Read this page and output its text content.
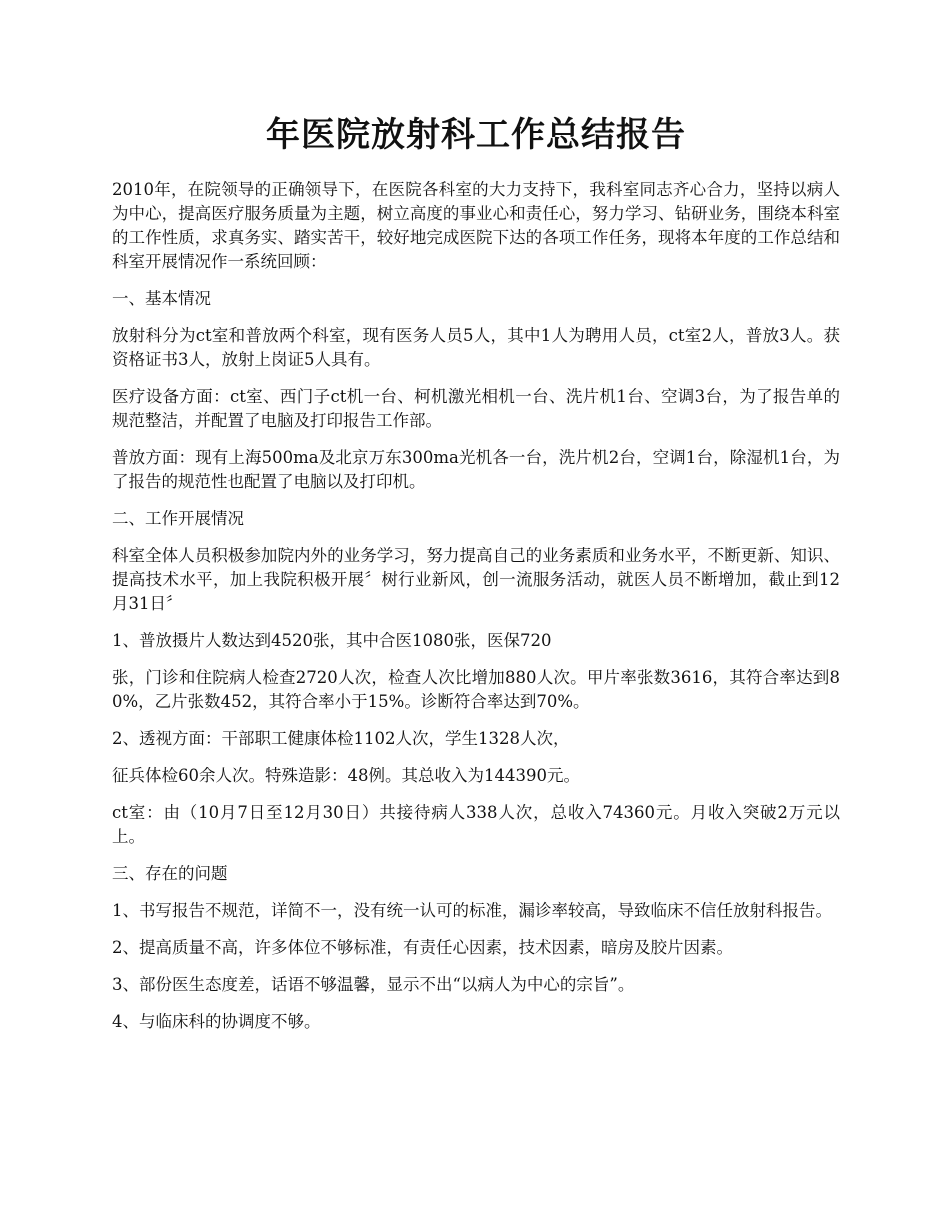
年医院放射科工作总结报告

2010年，在院领导的正确领导下，在医院各科室的大力支持下，我科室同志齐心合力，坚持以病人为中心，提高医疗服务质量为主题，树立高度的事业心和责任心，努力学习、钻研业务，围绕本科室的工作性质，求真务实、踏实苦干，较好地完成医院下达的各项工作任务，现将本年度的工作总结和科室开展情况作一系统回顾：

一、基本情况

放射科分为ct室和普放两个科室，现有医务人员5人，其中1人为聘用人员，ct室2人，普放3人。获资格证书3人，放射上岗证5人具有。

医疗设备方面：ct室、西门子ct机一台、柯机激光相机一台、洗片机1台、空调3台，为了报告单的规范整洁，并配置了电脑及打印报告工作部。

普放方面：现有上海500ma及北京万东300ma光机各一台，洗片机2台，空调1台，除湿机1台，为了报告的规范性也配置了电脑以及打印机。

二、工作开展情况

科室全体人员积极参加院内外的业务学习，努力提高自己的业务素质和业务水平，不断更新、知识、提高技术水平，加上我院积极开展〞树行业新风，创一流服务活动，就医人员不断增加，截止到12月31日〞

1、普放摄片人数达到4520张，其中合医1080张，医保720

张，门诊和住院病人检查2720人次，检查人次比增加880人次。甲片率张数3616，其符合率达到80%，乙片张数452，其符合率小于15%。诊断符合率达到70%。

2、透视方面：干部职工健康体检1102人次，学生1328人次，

征兵体检60余人次。特殊造影：48例。其总收入为144390元。

ct室：由（10月7日至12月30日）共接待病人338人次，总收入74360元。月收入突破2万元以上。

三、存在的问题

1、书写报告不规范，详简不一，没有统一认可的标准，漏诊率较高，导致临床不信任放射科报告。

2、提高质量不高，许多体位不够标准，有责任心因素，技术因素，暗房及胶片因素。

3、部份医生态度差，话语不够温馨，显示不出“以病人为中心的宗旨”。

4、与临床科的协调度不够。
